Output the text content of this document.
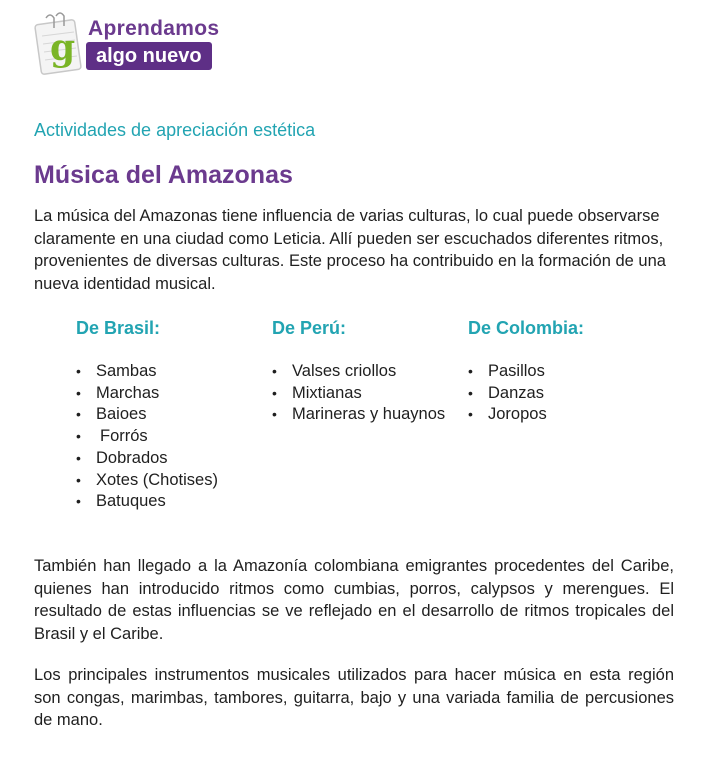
g Aprendamos
algo nuevo
Actividades de apreciación estética
Música del Amazonas

La música del Amazonas tiene influencia de varias culturas, lo cual puede observarse claramente en una ciudad como Leticia. Allí pueden ser escuchados diferentes ritmos, provenientes de diversas culturas. Este proceso ha contribuido en la formación de una nueva identidad musical.

De Brasil:
• Sambas
• Marchas
• Baioes
• Forrós
• Dobrados
• Xotes (Chotises)
• Batuques
De Perú:
• Valses criollos
• Mixtianas
• Marineras y huaynos
De Colombia:
• Pasillos
• Danzas
• Joropos

También han llegado a la Amazonía colombiana emigrantes procedentes del Caribe, quienes han introducido ritmos como cumbias, porros, calypsos y merengues. El resultado de estas influencias se ve reflejado en el desarrollo de ritmos tropicales del Brasil y el Caribe.

Los principales instrumentos musicales utilizados para hacer música en esta región son congas, marimbas, tambores, guitarra, bajo y una variada familia de percusiones de mano.
